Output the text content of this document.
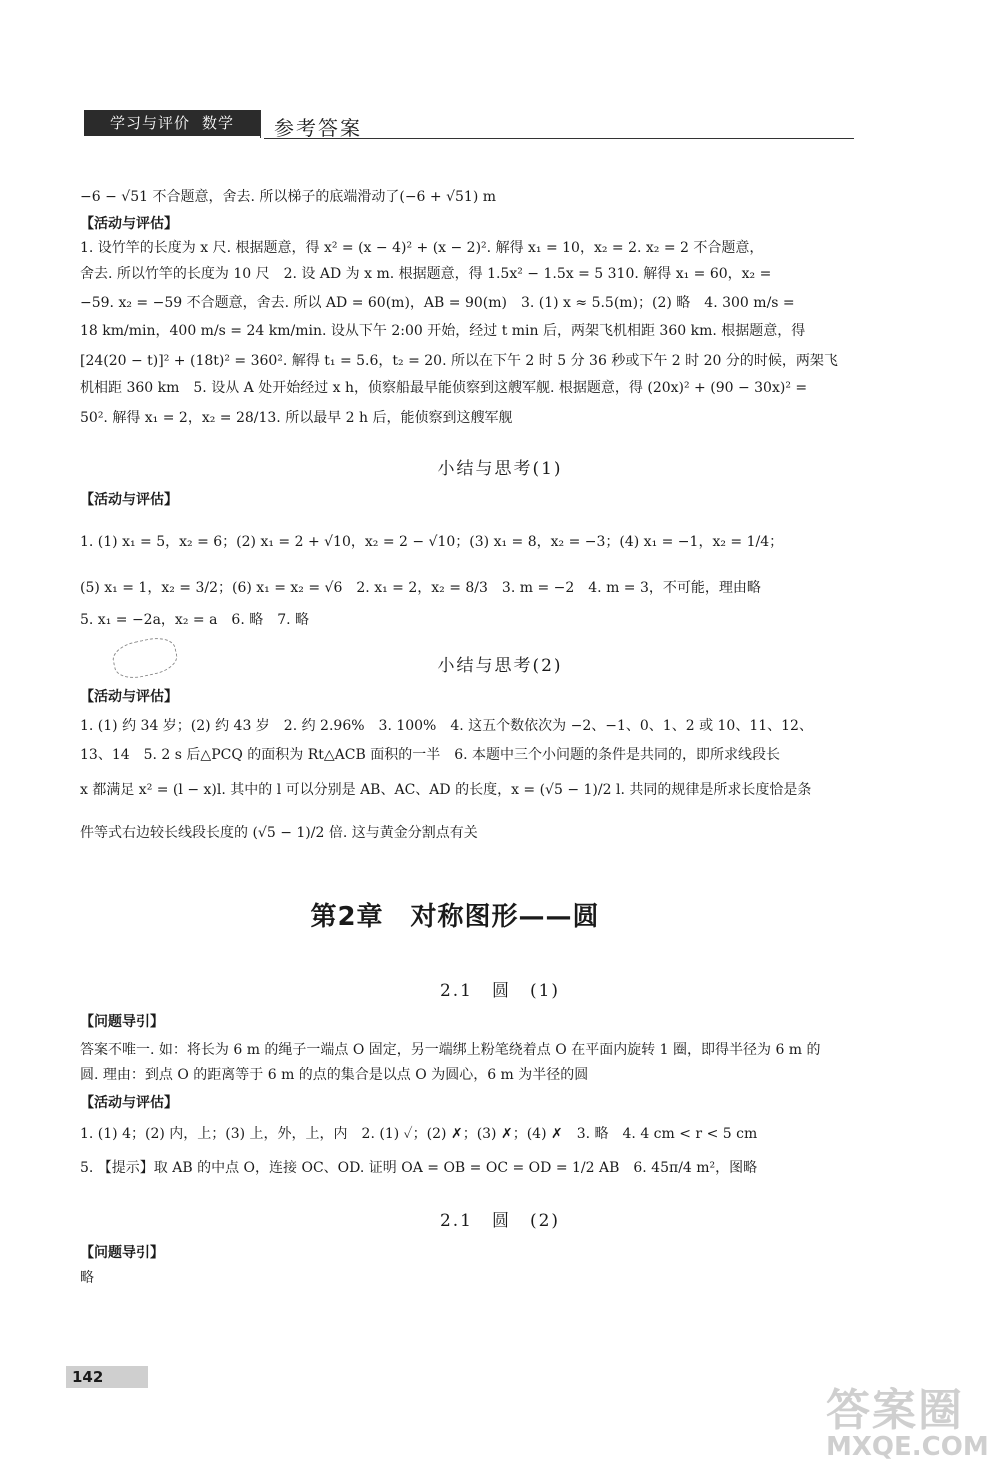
学习与评价 数学	参考答案
−6 − √51 不合题意，舍去. 所以梯子的底端滑动了(−6 + √51) m
【活动与评估】
1. 设竹竿的长度为 x 尺. 根据题意，得 x² = (x − 4)² + (x − 2)². 解得 x₁ = 10，x₂ = 2. x₂ = 2 不合题意，
舍去. 所以竹竿的长度为 10 尺　2. 设 AD 为 x m. 根据题意，得 1.5x² − 1.5x = 5 310. 解得 x₁ = 60，x₂ =
−59. x₂ = −59 不合题意，舍去. 所以 AD = 60(m)，AB = 90(m)　3. (1) x ≈ 5.5(m)；(2) 略　4. 300 m/s =
18 km/min，400 m/s = 24 km/min. 设从下午 2:00 开始，经过 t min 后，两架飞机相距 360 km. 根据题意，得
[24(20 − t)]² + (18t)² = 360². 解得 t₁ = 5.6，t₂ = 20. 所以在下午 2 时 5 分 36 秒或下午 2 时 20 分的时候，两架飞
机相距 360 km　5. 设从 A 处开始经过 x h，侦察船最早能侦察到这艘军舰. 根据题意，得 (20x)² + (90 − 30x)² =
50². 解得 x₁ = 2，x₂ = 28/13. 所以最早 2 h 后，能侦察到这艘军舰
小结与思考(1)
【活动与评估】
1. (1) x₁ = 5，x₂ = 6；(2) x₁ = 2 + √10，x₂ = 2 − √10；(3) x₁ = 8，x₂ = −3；(4) x₁ = −1，x₂ = 1/4；
(5) x₁ = 1，x₂ = 3/2；(6) x₁ = x₂ = √6　2. x₁ = 2，x₂ = 8/3　3. m = −2　4. m = 3，不可能，理由略
5. x₁ = −2a，x₂ = a　6. 略　7. 略
小结与思考(2)
【活动与评估】
1. (1) 约 34 岁；(2) 约 43 岁　2. 约 2.96%　3. 100%　4. 这五个数依次为 −2、−1、0、1、2 或 10、11、12、
13、14　5. 2 s 后△PCQ 的面积为 Rt△ACB 面积的一半　6. 本题中三个小问题的条件是共同的，即所求线段长
x 都满足 x² = (l − x)l. 其中的 l 可以分别是 AB、AC、AD 的长度，x = (√5 − 1)/2 l. 共同的规律是所求长度恰是条
件等式右边较长线段长度的 (√5 − 1)/2 倍. 这与黄金分割点有关
第2章　对称图形——圆
2.1　圆　(1)
【问题导引】
答案不唯一. 如：将长为 6 m 的绳子一端点 O 固定，另一端绑上粉笔绕着点 O 在平面内旋转 1 圈，即得半径为 6 m 的
圆. 理由：到点 O 的距离等于 6 m 的点的集合是以点 O 为圆心，6 m 为半径的圆
【活动与评估】
1. (1) 4；(2) 内，上；(3) 上，外，上，内　2. (1) ✓；(2) ✗；(3) ✗；(4) ✗　3. 略　4. 4 cm < r < 5 cm
5. 【提示】取 AB 的中点 O，连接 OC、OD. 证明 OA = OB = OC = OD = 1/2 AB　6. 45π/4 m²，图略
2.1　圆　(2)
【问题导引】
略
142
答案圈
MXQE.COM
